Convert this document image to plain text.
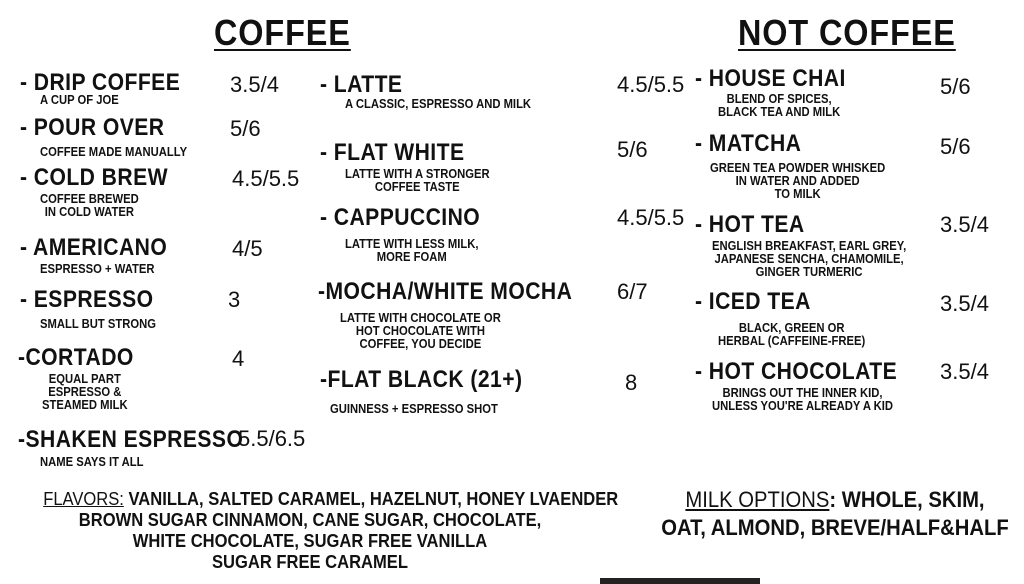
COFFEE	NOT COFFEE
- DRIP COFFEE
A CUP OF JOE
3.5/4
- POUR OVER
COFFEE MADE MANUALLY
5/6
- COLD BREW
COFFEE BREWED
IN COLD WATER
4.5/5.5
- AMERICANO
ESPRESSO + WATER
4/5
- ESPRESSO
SMALL BUT STRONG
3
-CORTADO
EQUAL PART
ESPRESSO &
STEAMED MILK
4
-SHAKEN ESPRESSO
NAME SAYS IT ALL
5.5/6.5
- LATTE
A CLASSIC, ESPRESSO AND MILK
4.5/5.5
- FLAT WHITE
LATTE WITH A STRONGER
COFFEE TASTE
5/6
- CAPPUCCINO
LATTE WITH LESS MILK,
MORE FOAM
4.5/5.5
-MOCHA/WHITE MOCHA
LATTE WITH CHOCOLATE OR
HOT CHOCOLATE WITH
COFFEE, YOU DECIDE
6/7
-FLAT BLACK (21+)
GUINNESS + ESPRESSO SHOT
8
- HOUSE CHAI
BLEND OF SPICES,
BLACK TEA AND MILK
5/6
- MATCHA
GREEN TEA POWDER WHISKED
IN WATER AND ADDED
TO MILK
5/6
- HOT TEA
ENGLISH BREAKFAST, EARL GREY,
JAPANESE SENCHA, CHAMOMILE,
GINGER TURMERIC
3.5/4
- ICED TEA
BLACK, GREEN OR
HERBAL (CAFFEINE-FREE)
3.5/4
- HOT CHOCOLATE
BRINGS OUT THE INNER KID,
UNLESS YOU'RE ALREADY A KID
3.5/4
FLAVORS: VANILLA, SALTED CARAMEL, HAZELNUT, HONEY LVAENDER
BROWN SUGAR CINNAMON, CANE SUGAR, CHOCOLATE,
WHITE CHOCOLATE, SUGAR FREE VANILLA
SUGAR FREE CARAMEL
MILK OPTIONS: WHOLE, SKIM,
OAT, ALMOND, BREVE/HALF&HALF
